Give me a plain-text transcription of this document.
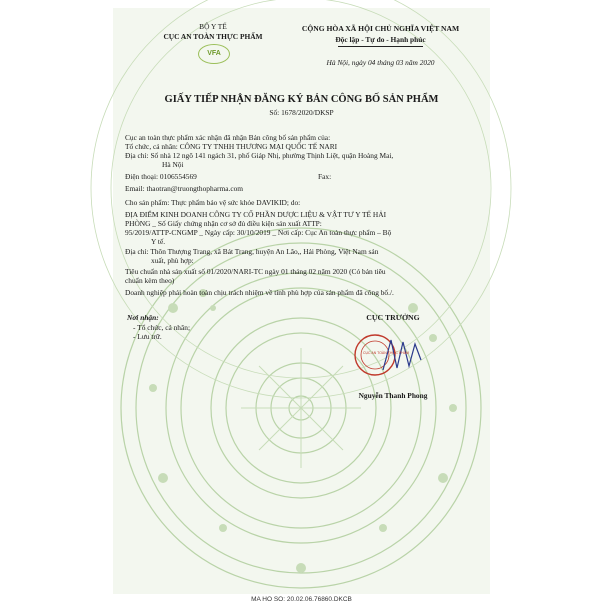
BỘ Y TẾ
CỤC AN TOÀN THỰC PHẨM
VFA
CỘNG HÒA XÃ HỘI CHỦ NGHĨA VIỆT NAM
Độc lập - Tự do - Hạnh phúc
Hà Nội, ngày 04 tháng 03 năm 2020
GIẤY TIẾP NHẬN ĐĂNG KÝ BẢN CÔNG BỐ SẢN PHẨM
Số: 1678/2020/DKSP
Cục an toàn thực phẩm xác nhận đã nhận Bản công bố sản phẩm của:
Tổ chức, cá nhân: CÔNG TY TNHH THƯƠNG MẠI QUỐC TẾ NARI
Địa chỉ: Số nhà 12 ngõ 141 ngách 31, phố Giáp Nhị, phường Thịnh Liệt, quận Hoàng Mai,
Hà Nội
Điện thoại: 0106554569	Fax:
Email: thaotran@truongthopharma.com
Cho sản phẩm: Thực phẩm bảo vệ sức khỏe DAVIKID; do:
ĐỊA ĐIỂM KINH DOANH CÔNG TY CỔ PHẦN DƯỢC LIỆU & VẬT TƯ Y TẾ HẢI
PHÒNG _ Số Giấy chứng nhận cơ sở đủ điều kiện sản xuất ATTP:
95/2019/ATTP-CNGMP _ Ngày cấp: 30/10/2019 _ Nơi cấp: Cục An toàn thực phẩm – Bộ
Y tế.
Địa chỉ: Thôn Thượng Trang, xã Bát Trang, huyện An Lão,, Hải Phòng, Việt Nam sản
xuất, phù hợp:
Tiêu chuẩn nhà sản xuất số 01/2020/NARI-TC ngày 01 tháng 02 năm 2020 (Có bản tiêu
chuẩn kèm theo)
Doanh nghiệp phải hoàn toàn chịu trách nhiệm về tính phù hợp của sản phẩm đã công bố./.
Nơi nhận:
- Tổ chức, cá nhân;
- Lưu trữ.
CỤC TRƯỞNG
CỤC AN TOÀN THỰC PHẨM
Nguyễn Thanh Phong
MA HO SO: 20.02.06.76860.DKCB
